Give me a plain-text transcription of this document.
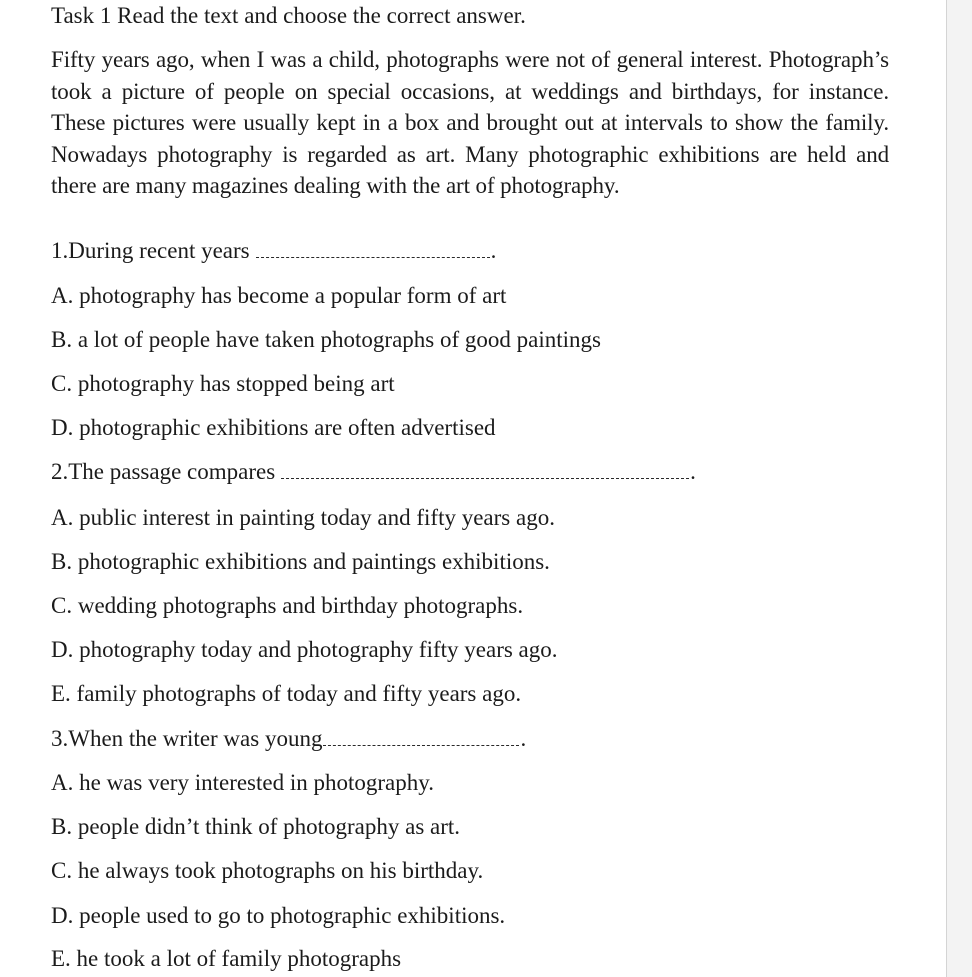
Task 1 Read the text and choose the correct answer.
Fifty years ago, when I was a child, photographs were not of general interest. Photograph’s took a picture of people on special occasions, at weddings and birthdays, for instance. These pictures were usually kept in a box and brought out at intervals to show the family. Nowadays photography is regarded as art. Many photographic exhibitions are held and there are many magazines dealing with the art of photography.
1.During recent years	.
A. photography has become a popular form of art
B. a lot of people have taken photographs of good paintings
C. photography has stopped being art
D. photographic exhibitions are often advertised
2.The passage compares	.
A. public interest in painting today and fifty years ago.
B. photographic exhibitions and paintings exhibitions.
C. wedding photographs and birthday photographs.
D. photography today and photography fifty years ago.
E. family photographs of today and fifty years ago.
3.When the writer was young	.
A. he was very interested in photography.
B. people didn’t think of photography as art.
C. he always took photographs on his birthday.
D. people used to go to photographic exhibitions.
E. he took a lot of family photographs
